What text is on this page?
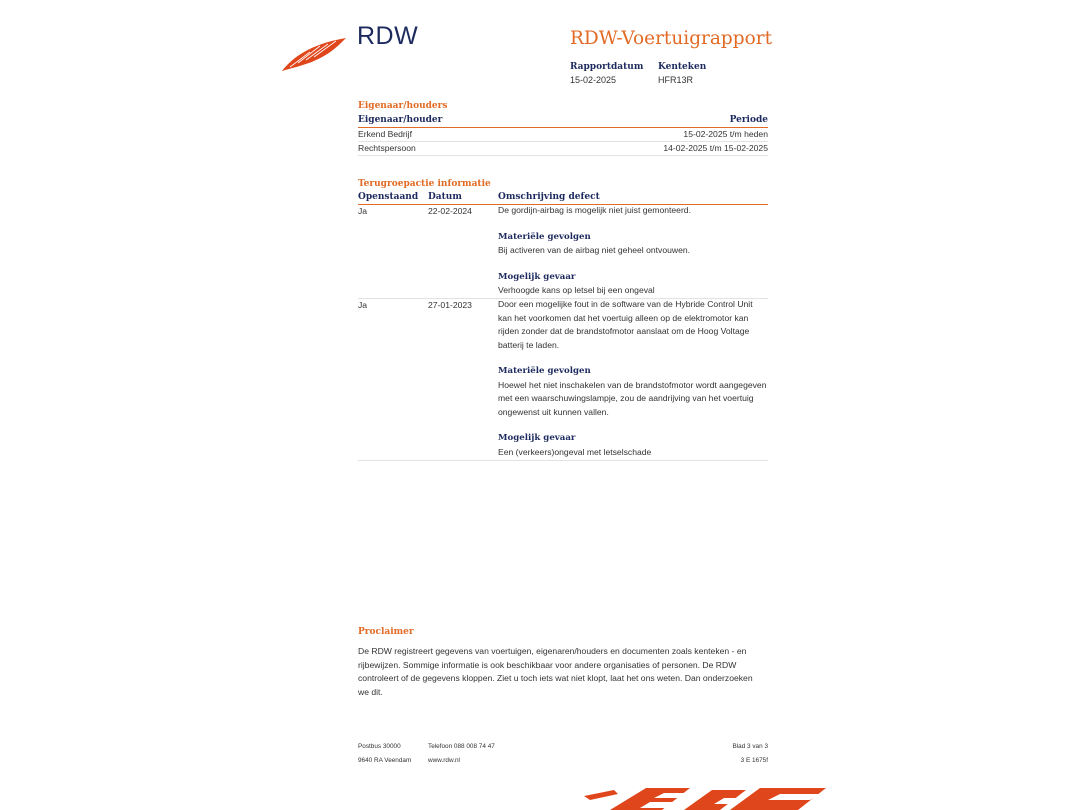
RDW	RDW-Voertuigrapport
Rapportdatum
15-02-2025
Kenteken
HFR13R
Eigenaar/houders
Eigenaar/houder	Periode
Erkend Bedrijf	15-02-2025 t/m heden
Rechtspersoon	14-02-2025 t/m 15-02-2025
Terugroepactie informatie
Openstaand Datum	Omschrijving defect
Ja	22-02-2024	De gordijn-airbag is mogelijk niet juist gemonteerd.

Materiële gevolgen

Bij activeren van de airbag niet geheel ontvouwen.

Mogelijk gevaar

Verhoogde kans op letsel bij een ongeval

Ja	27-01-2023	Door een mogelijke fout in de software van de Hybride Control Unit kan het voorkomen dat het voertuig alleen op de elektromotor kan rijden zonder dat de brandstofmotor aanslaat om de Hoog Voltage batterij te laden.

Materiële gevolgen

Hoewel het niet inschakelen van de brandstofmotor wordt aangegeven met een waarschuwingslampje, zou de aandrijving van het voertuig ongewenst uit kunnen vallen.

Mogelijk gevaar

Een (verkeers)ongeval met letselschade

Proclaimer
De RDW registreert gegevens van voertuigen, eigenaren/houders en documenten zoals kenteken - en rijbewijzen. Sommige informatie is ook beschikbaar voor andere organisaties of personen. De RDW controleert of de gegevens kloppen. Ziet u toch iets wat niet klopt, laat het ons weten. Dan onderzoeken we dit.
Postbus 30000
9640 RA Veendam
Telefoon 088 008 74 47
www.rdw.nl
Blad 3 van 3
3 E 1675f
